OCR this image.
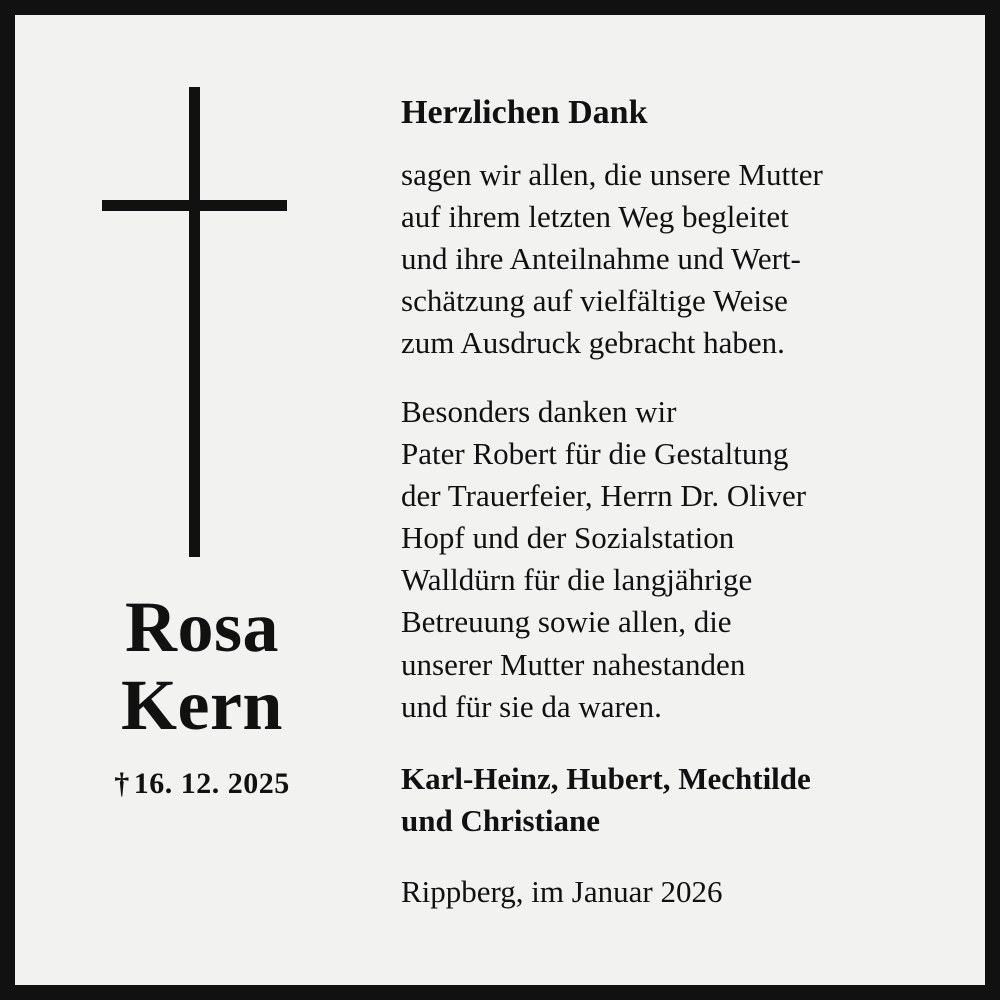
Rosa
Kern
† 16. 12. 2025
Herzlichen Dank
sagen wir allen, die unsere Mutter
auf ihrem letzten Weg begleitet
und ihre Anteilnahme und Wert-
schätzung auf vielfältige Weise
zum Ausdruck gebracht haben.
Besonders danken wir
Pater Robert für die Gestaltung
der Trauerfeier, Herrn Dr. Oliver
Hopf und der Sozialstation
Walldürn für die langjährige
Betreuung sowie allen, die
unserer Mutter nahestanden
und für sie da waren.
Karl-Heinz, Hubert, Mechtilde
und Christiane
Rippberg, im Januar 2026
